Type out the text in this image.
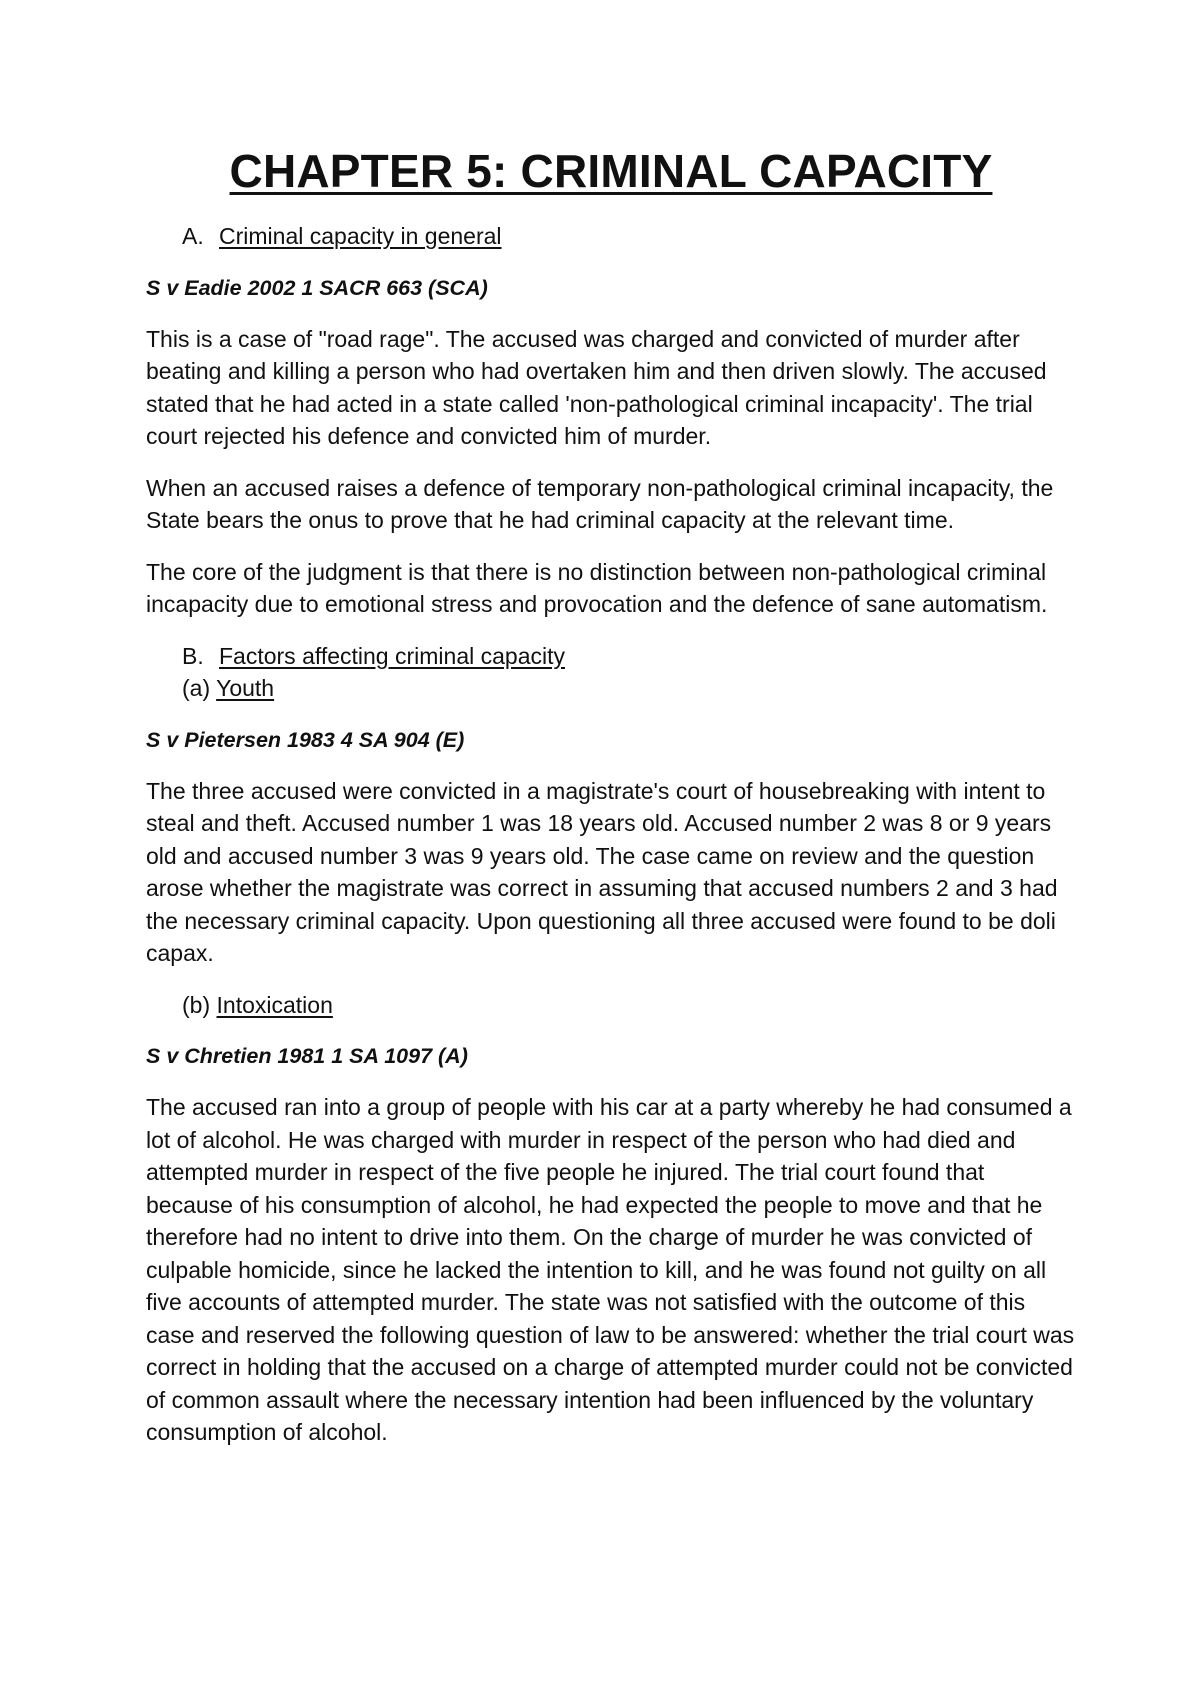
CHAPTER 5: CRIMINAL CAPACITY
A. Criminal capacity in general
S v Eadie 2002 1 SACR 663 (SCA)

This is a case of "road rage". The accused was charged and convicted of murder after beating and killing a person who had overtaken him and then driven slowly. The accused stated that he had acted in a state called 'non-pathological criminal incapacity'. The trial court rejected his defence and convicted him of murder.

When an accused raises a defence of temporary non-pathological criminal incapacity, the State bears the onus to prove that he had criminal capacity at the relevant time.

The core of the judgment is that there is no distinction between non-pathological criminal incapacity due to emotional stress and provocation and the defence of sane automatism.

B. Factors affecting criminal capacity
(a) Youth
S v Pietersen 1983 4 SA 904 (E)

The three accused were convicted in a magistrate's court of housebreaking with intent to steal and theft. Accused number 1 was 18 years old. Accused number 2 was 8 or 9 years old and accused number 3 was 9 years old. The case came on review and the question arose whether the magistrate was correct in assuming that accused numbers 2 and 3 had the necessary criminal capacity. Upon questioning all three accused were found to be doli capax.

(b) Intoxication
S v Chretien 1981 1 SA 1097 (A)

The accused ran into a group of people with his car at a party whereby he had consumed a lot of alcohol. He was charged with murder in respect of the person who had died and attempted murder in respect of the five people he injured. The trial court found that because of his consumption of alcohol, he had expected the people to move and that he therefore had no intent to drive into them. On the charge of murder he was convicted of culpable homicide, since he lacked the intention to kill, and he was found not guilty on all five accounts of attempted murder. The state was not satisfied with the outcome of this case and reserved the following question of law to be answered: whether the trial court was correct in holding that the accused on a charge of attempted murder could not be convicted of common assault where the necessary intention had been influenced by the voluntary consumption of alcohol.
